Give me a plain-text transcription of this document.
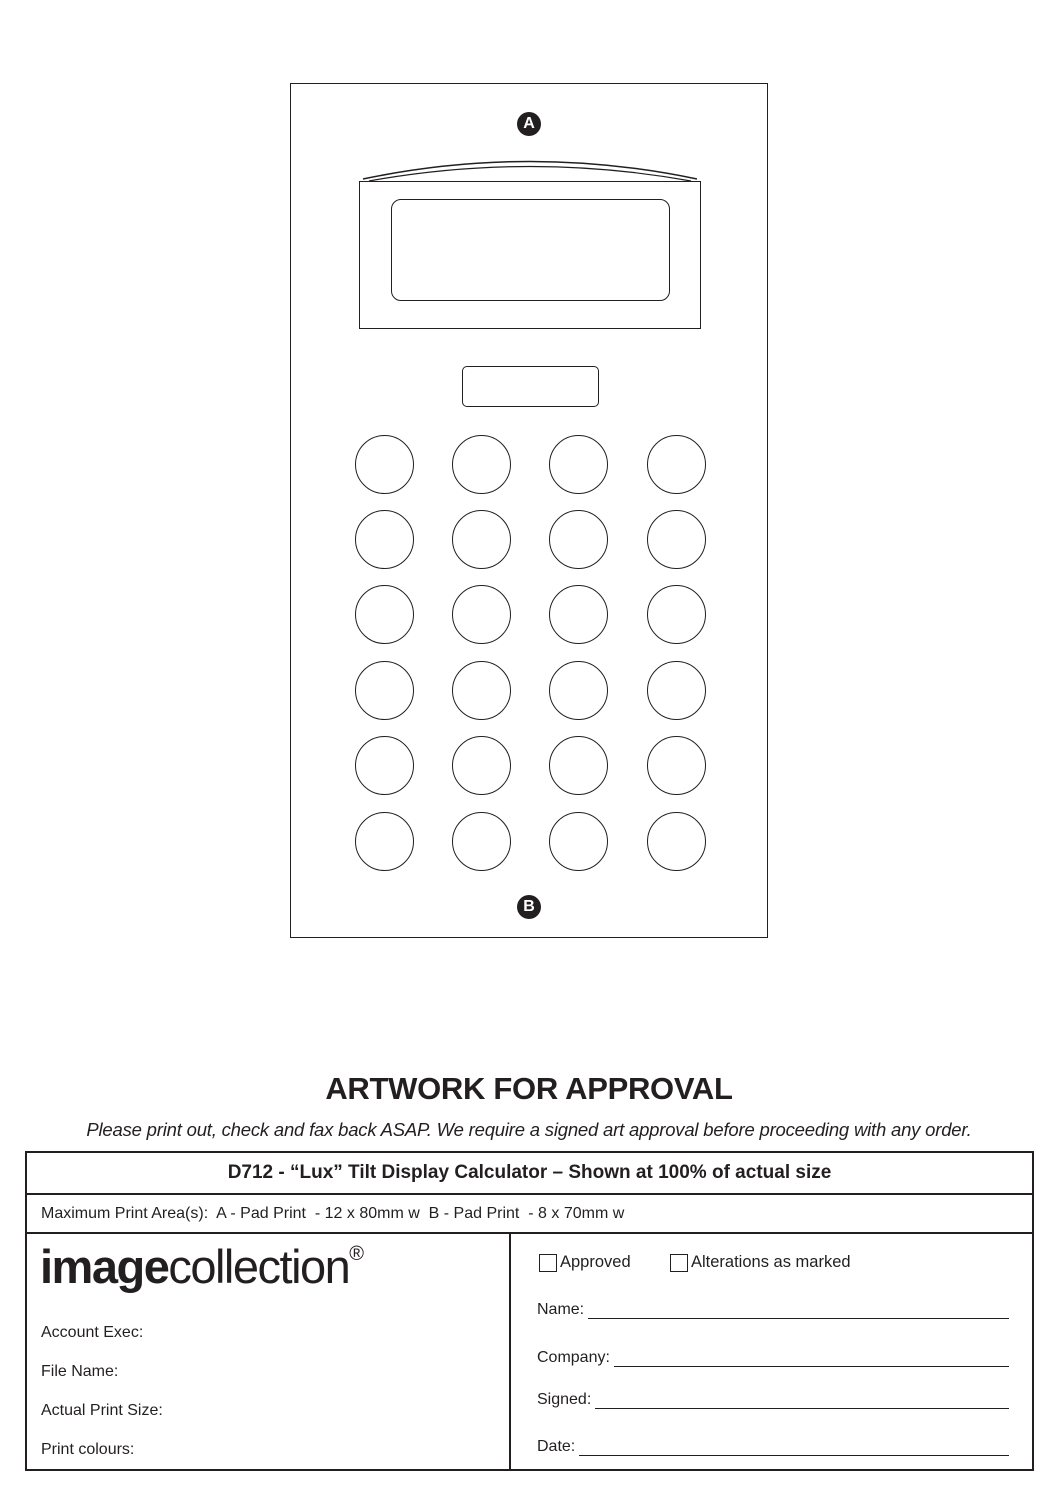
A
B
ARTWORK FOR APPROVAL
Please print out, check and fax back ASAP. We require a signed art approval before proceeding with any order.
D712 - “Lux” Tilt Display Calculator – Shown at 100% of actual size
Maximum Print Area(s):  A - Pad Print  - 12 x 80mm w  B - Pad Print  - 8 x 70mm w
imagecollection®
Account Exec:
File Name:
Actual Print Size:
Print colours:
Approved	Alterations as marked
Name:
Company:
Signed:
Date:
